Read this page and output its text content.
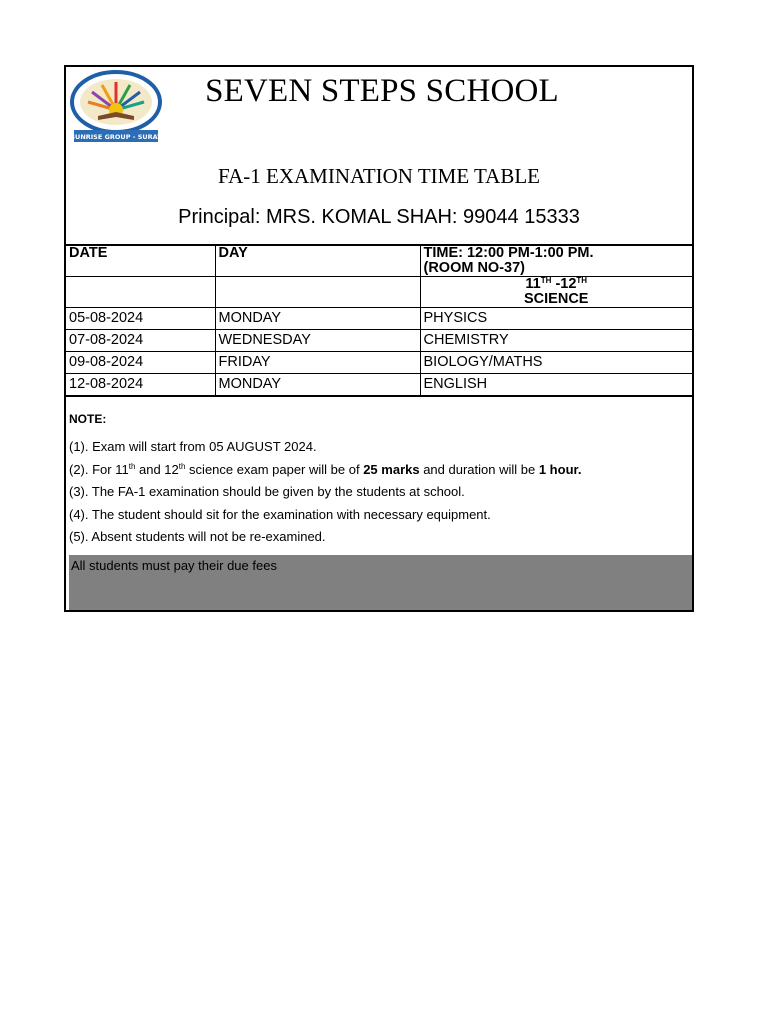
SUNRISE GROUP - SURAT
SEVEN STEPS SCHOOL
FA-1 EXAMINATION TIME TABLE
Principal: MRS. KOMAL SHAH: 99044 15333
DATE	DAY	TIME: 12:00 PM-1:00 PM.
(ROOM NO-37)

		11TH -12TH
SCIENCE

05-08-2024	MONDAY	PHYSICS
07-08-2024	WEDNESDAY	CHEMISTRY
09-08-2024	FRIDAY	BIOLOGY/MATHS
12-08-2024	MONDAY	ENGLISH
NOTE:
(1). Exam will start from 05 AUGUST 2024.
(2). For 11th and 12th science exam paper will be of 25 marks and duration will be 1 hour.
(3). The FA-1 examination should be given by the students at school.
(4). The student should sit for the examination with necessary equipment.
(5). Absent students will not be re-examined.
All students must pay their due fees
